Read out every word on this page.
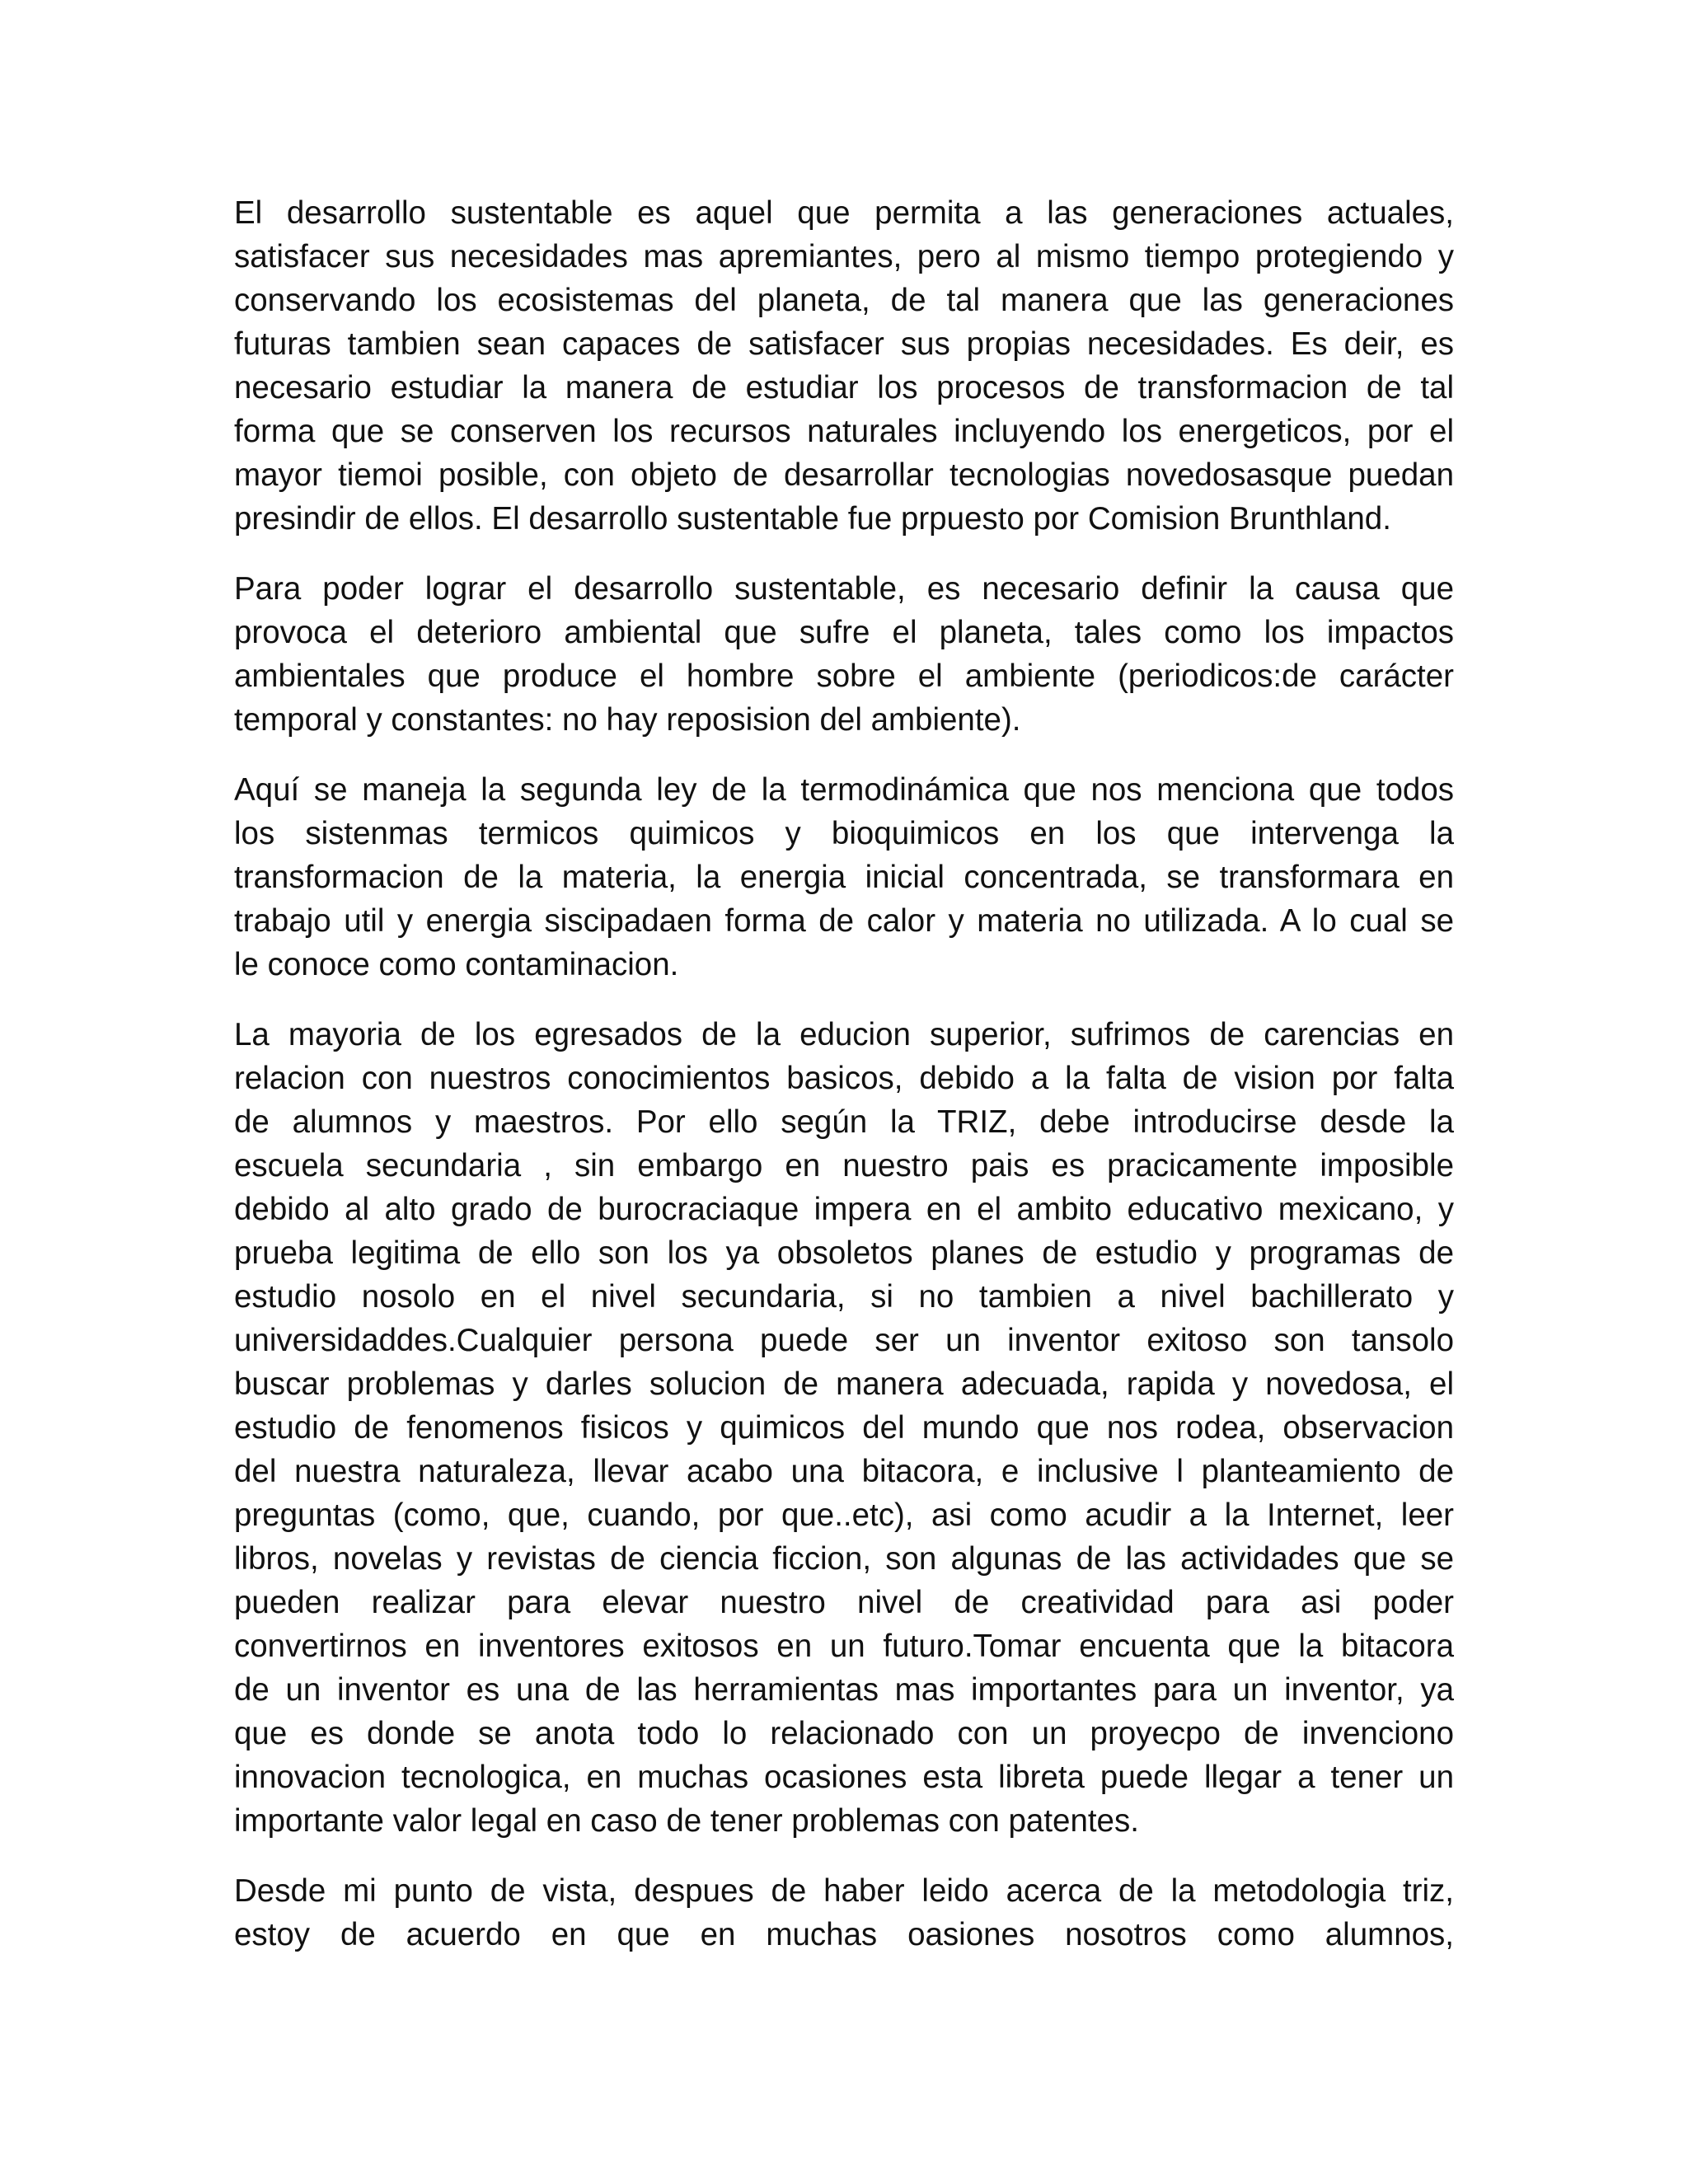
El desarrollo sustentable es aquel que permita a las generaciones actuales,
satisfacer sus necesidades mas apremiantes, pero al mismo tiempo protegiendo y
conservando los ecosistemas del planeta, de tal manera que las generaciones
futuras tambien sean capaces de satisfacer sus propias necesidades. Es deir, es
necesario estudiar la manera de estudiar los procesos de transformacion de tal
forma que se conserven los recursos naturales incluyendo los energeticos, por el
mayor tiemoi posible, con objeto de desarrollar tecnologias novedosasque puedan
presindir de ellos. El desarrollo sustentable fue prpuesto por Comision Brunthland.

Para poder lograr el desarrollo sustentable, es necesario definir la causa que
provoca el deterioro ambiental que sufre el planeta, tales como los impactos
ambientales que produce el hombre sobre el ambiente (periodicos:de carácter
temporal y constantes: no hay reposision del ambiente).

Aquí se maneja la segunda ley de la termodinámica que nos menciona que todos
los sistenmas termicos quimicos y bioquimicos en los que intervenga la
transformacion de la materia, la energia inicial concentrada, se transformara en
trabajo util y energia siscipadaen forma de calor y materia no utilizada. A lo cual se
le conoce como contaminacion.

La mayoria de los egresados de la educion superior, sufrimos de carencias en
relacion con nuestros conocimientos basicos, debido a la falta de vision por falta
de alumnos y maestros. Por ello según la TRIZ, debe introducirse desde la
escuela secundaria , sin embargo en nuestro pais es pracicamente imposible
debido al alto grado de burocraciaque impera en el ambito educativo mexicano, y
prueba legitima de ello son los ya obsoletos planes de estudio y programas de
estudio nosolo en el nivel secundaria, si no tambien a nivel bachillerato y
universidaddes.Cualquier persona puede ser un inventor exitoso son tansolo
buscar problemas y darles solucion de manera adecuada, rapida y novedosa, el
estudio de fenomenos fisicos y quimicos del mundo que nos rodea, observacion
del nuestra naturaleza, llevar acabo una bitacora, e inclusive l planteamiento de
preguntas (como, que, cuando, por que..etc), asi como acudir a la Internet, leer
libros, novelas y revistas de ciencia ficcion, son algunas de las actividades que se
pueden realizar para elevar nuestro nivel de creatividad para asi poder
convertirnos en inventores exitosos en un futuro.Tomar encuenta que la bitacora
de un inventor es una de las herramientas mas importantes para un inventor, ya
que es donde se anota todo lo relacionado con un proyecpo de invenciono
innovacion tecnologica, en muchas ocasiones esta libreta puede llegar a tener un
importante valor legal en caso de tener problemas con patentes.

Desde mi punto de vista, despues de haber leido acerca de la metodologia triz,
estoy de acuerdo en que en muchas oasiones nosotros como alumnos,
